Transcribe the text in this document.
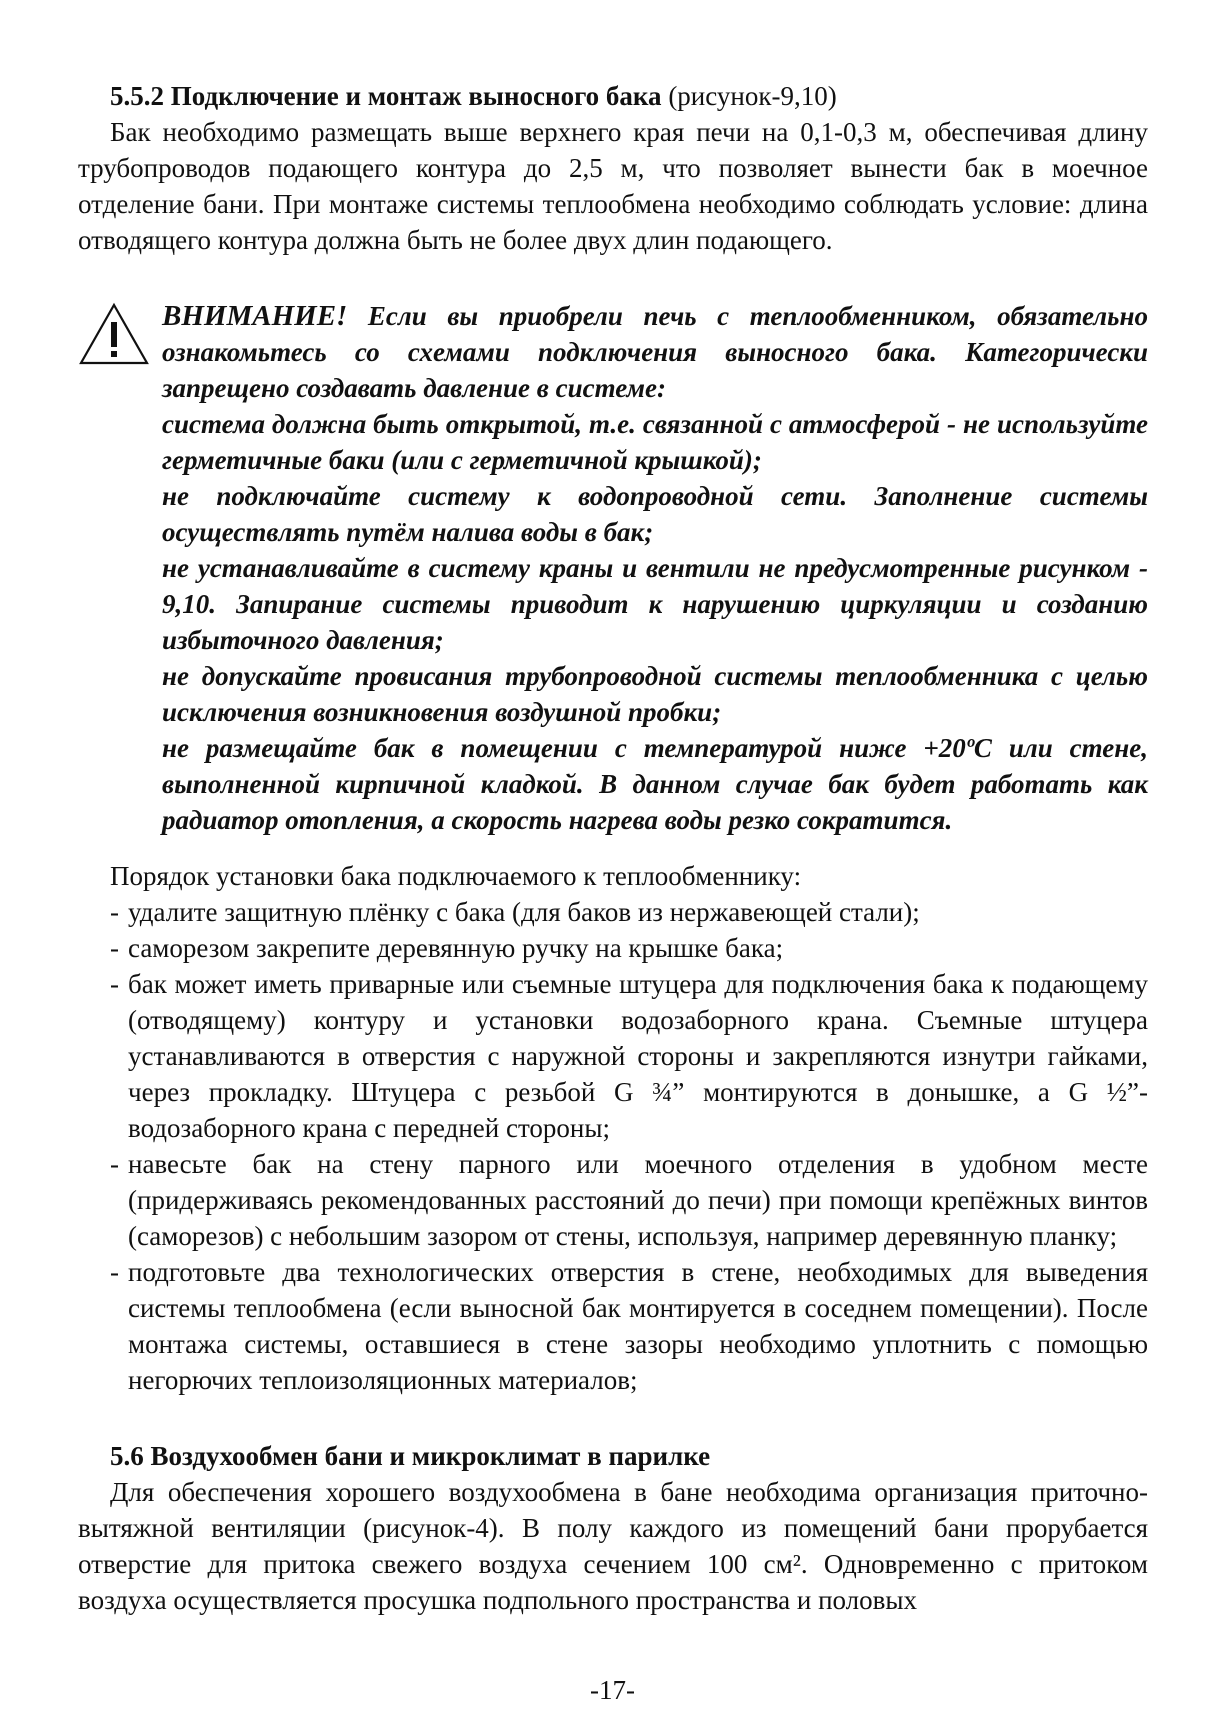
5.5.2 Подключение и монтаж выносного бака (рисунок-9,10)

Бак необходимо размещать выше верхнего края печи на 0,1-0,3 м, обеспечивая длину трубопроводов подающего контура до 2,5 м, что позволяет вынести бак в моечное отделение бани. При монтаже системы теплообмена необходимо соблюдать условие: длина отводящего контура должна быть не более двух длин подающего.

ВНИМАНИЕ! Если вы приобрели печь с теплообменником, обязательно ознакомьтесь со схемами подключения выносного бака. Категорически запрещено создавать давление в системе:

система должна быть открытой, т.е. связанной с атмосферой - не используйте герметичные баки (или с герметичной крышкой);

не подключайте систему к водопроводной сети. Заполнение системы осуществлять путём налива воды в бак;

не устанавливайте в систему краны и вентили не предусмотренные рисунком - 9,10. Запирание системы приводит к нарушению циркуляции и созданию избыточного давления;

не допускайте провисания трубопроводной системы теплообменника с целью исключения возникновения воздушной пробки;

не размещайте бак в помещении с температурой ниже +20ºС или стене, выполненной кирпичной кладкой. В данном случае бак будет работать как радиатор отопления, а скорость нагрева воды резко сократится.

Порядок установки бака подключаемого к теплообменнику:

- удалите защитную плёнку с бака (для баков из нержавеющей стали);
- саморезом закрепите деревянную ручку на крышке бака;
- бак может иметь приварные или съемные штуцера для подключения бака к подающему (отводящему) контуру и установки водозаборного крана. Съемные штуцера устанавливаются в отверстия с наружной стороны и закрепляются изнутри гайками, через прокладку. Штуцера с резьбой G ¾” монтируются в донышке, а G ½”- водозаборного крана с передней стороны;
- навесьте бак на стену парного или моечного отделения в удобном месте (придерживаясь рекомендованных расстояний до печи) при помощи крепёжных винтов (саморезов) с небольшим зазором от стены, используя, например деревянную планку;
- подготовьте два технологических отверстия в стене, необходимых для выведения системы теплообмена (если выносной бак монтируется в соседнем помещении). После монтажа системы, оставшиеся в стене зазоры необходимо уплотнить с помощью негорючих теплоизоляционных материалов;
5.6 Воздухообмен бани и микроклимат в парилке

Для обеспечения хорошего воздухообмена в бане необходима организация приточно-вытяжной вентиляции (рисунок-4). В полу каждого из помещений бани прорубается отверстие для притока свежего воздуха сечением 100 см². Одновременно с притоком воздуха осуществляется просушка подпольного пространства и половых

-17-
